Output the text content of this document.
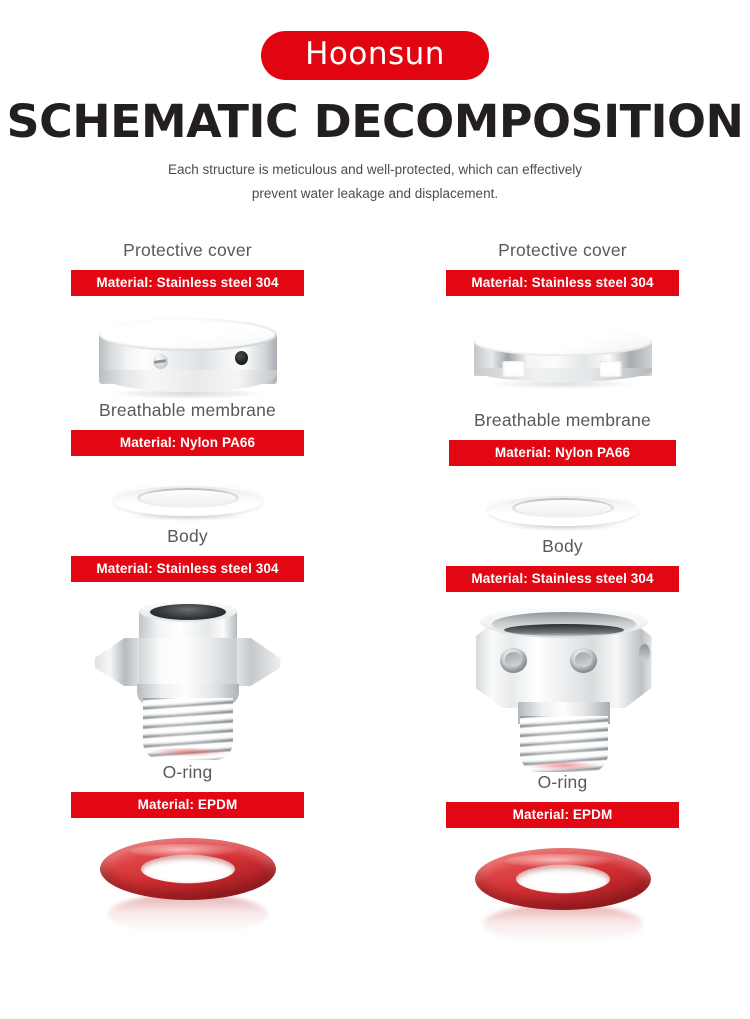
Hoonsun
SCHEMATIC DECOMPOSITION
Each structure is meticulous and well-protected, which can effectively
prevent water leakage and displacement.
Protective cover
Material: Stainless steel 304
Breathable membrane
Material: Nylon PA66
Body
Material: Stainless steel 304
O-ring
Material: EPDM
Protective cover
Material: Stainless steel 304
Breathable membrane
Material: Nylon PA66
Body
Material: Stainless steel 304
O-ring
Material: EPDM
